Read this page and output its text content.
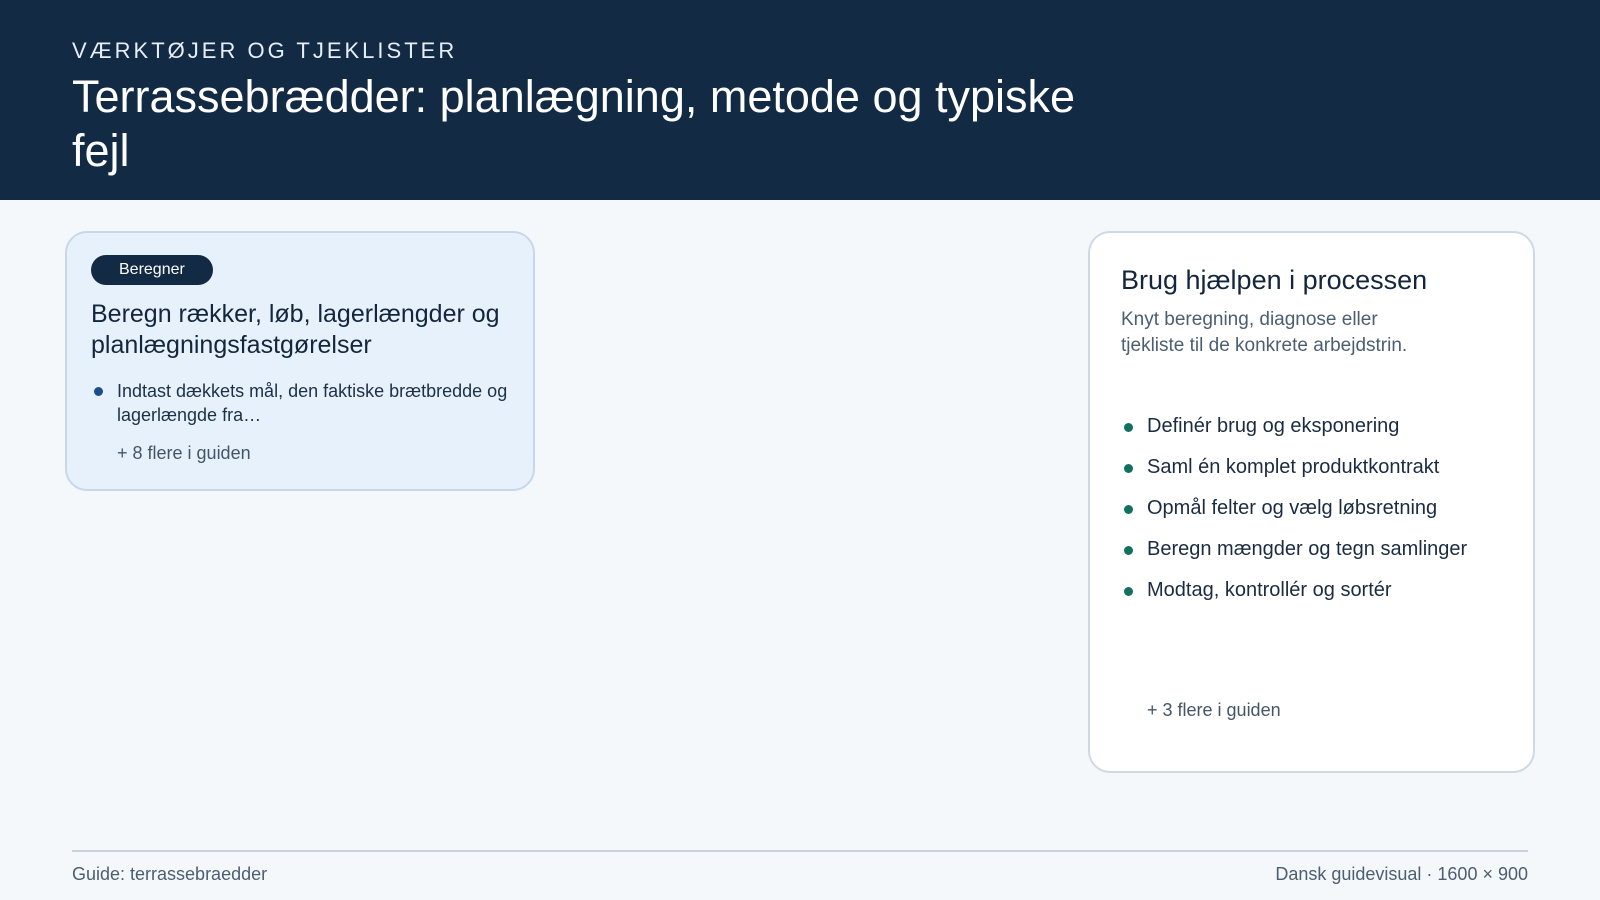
VÆRKTØJER OG TJEKLISTER
Terrassebrædder: planlægning, metode og typiske fejl
Beregner
Beregn rækker, løb, lagerlængder og planlægningsfastgørelser
Indtast dækkets mål, den faktiske brætbredde og lagerlængde fra…
+ 8 flere i guiden
Brug hjælpen i processen
Knyt beregning, diagnose eller tjekliste til de konkrete arbejdstrin.
Definér brug og eksponering
Saml én komplet produktkontrakt
Opmål felter og vælg løbsretning
Beregn mængder og tegn samlinger
Modtag, kontrollér og sortér
+ 3 flere i guiden
Guide: terrassebraedder	Dansk guidevisual · 1600 × 900
